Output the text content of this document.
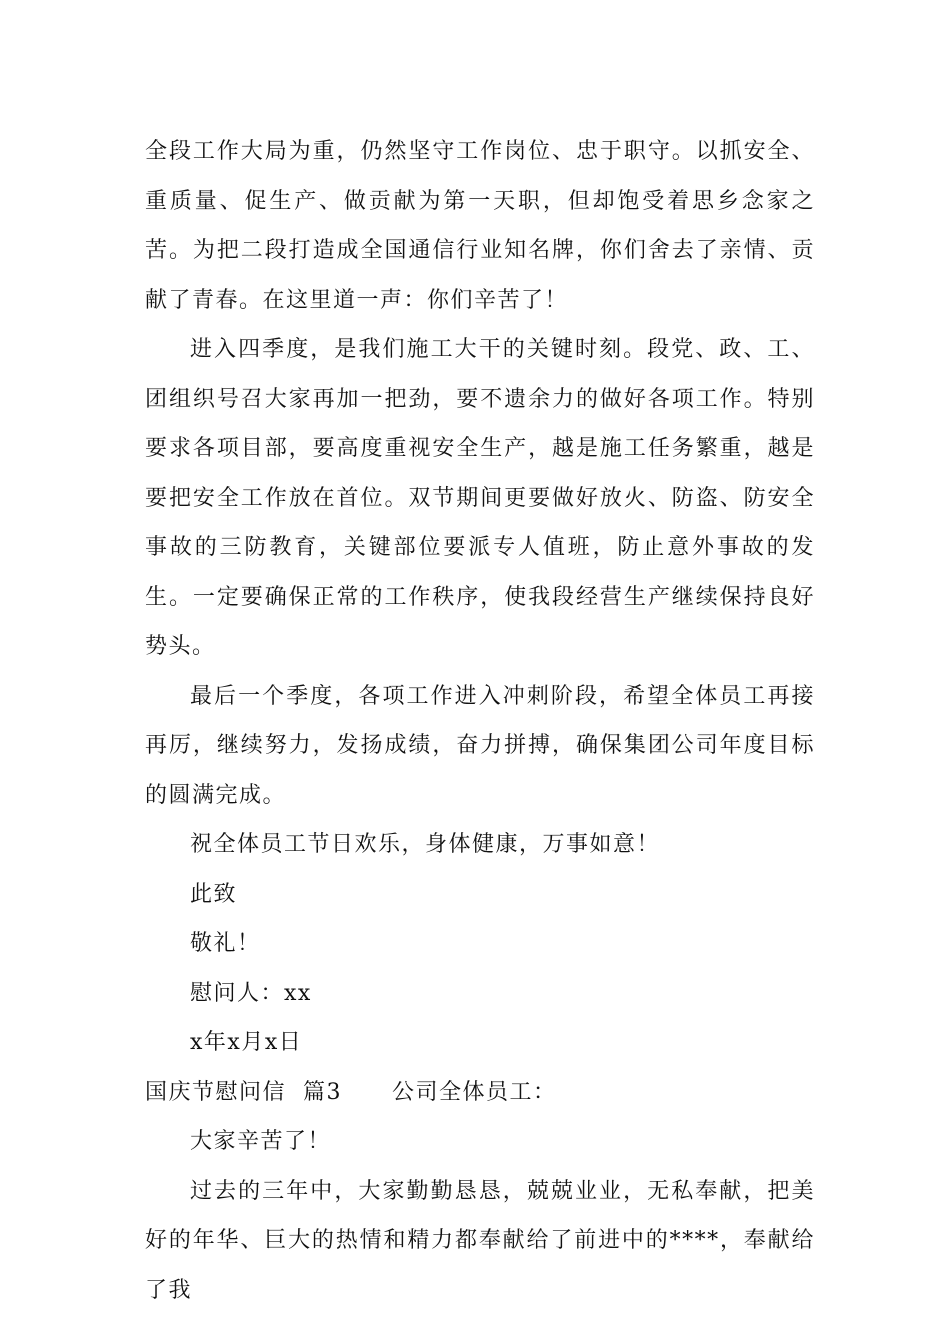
全段工作大局为重，仍然坚守工作岗位、忠于职守。以抓安全、重质量、促生产、做贡献为第一天职，但却饱受着思乡念家之苦。为把二段打造成全国通信行业知名牌，你们舍去了亲情、贡献了青春。在这里道一声：你们辛苦了！

进入四季度，是我们施工大干的关键时刻。段党、政、工、团组织号召大家再加一把劲，要不遗余力的做好各项工作。特别要求各项目部，要高度重视安全生产，越是施工任务繁重，越是要把安全工作放在首位。双节期间更要做好放火、防盗、防安全事故的三防教育，关键部位要派专人值班，防止意外事故的发生。一定要确保正常的工作秩序，使我段经营生产继续保持良好势头。

最后一个季度，各项工作进入冲刺阶段，希望全体员工再接再厉，继续努力，发扬成绩，奋力拼搏，确保集团公司年度目标的圆满完成。

祝全体员工节日欢乐，身体健康，万事如意！

此致

敬礼！

慰问人：xx

x年x月x日

国庆节慰问信  篇3 公司全体员工：

大家辛苦了！

过去的三年中，大家勤勤恳恳，兢兢业业，无私奉献，把美好的年华、巨大的热情和精力都奉献给了前进中的****，奉献给了我
